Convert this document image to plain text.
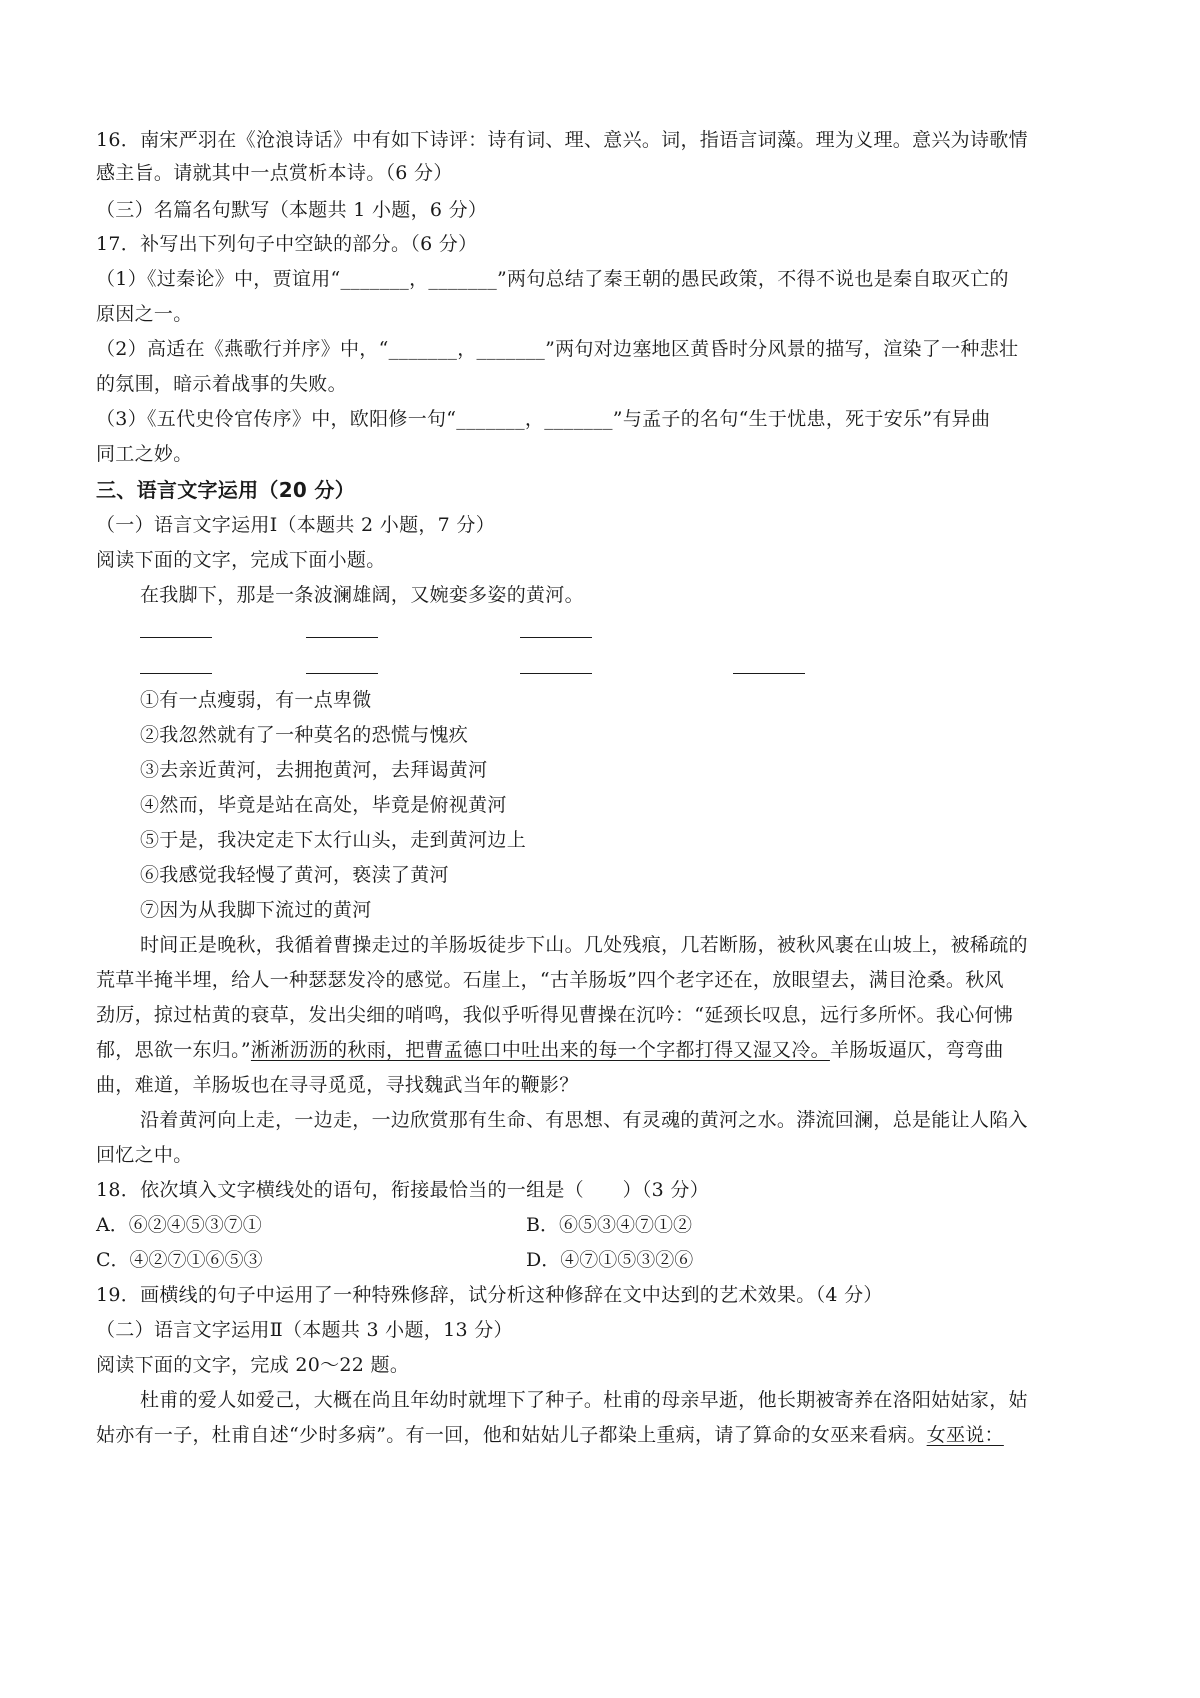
16．南宋严羽在《沧浪诗话》中有如下诗评：诗有词、理、意兴。词，指语言词藻。理为义理。意兴为诗歌情
感主旨。请就其中一点赏析本诗。（6 分）
（三）名篇名句默写（本题共 1 小题，6 分）
17．补写出下列句子中空缺的部分。（6 分）
（1）《过秦论》中，贾谊用“_______，_______”两句总结了秦王朝的愚民政策，不得不说也是秦自取灭亡的
原因之一。
（2）高适在《燕歌行并序》中，“_______，_______”两句对边塞地区黄昏时分风景的描写，渲染了一种悲壮
的氛围，暗示着战事的失败。
（3）《五代史伶官传序》中，欧阳修一句“_______，_______”与孟子的名句“生于忧患，死于安乐”有异曲
同工之妙。
三、语言文字运用（20 分）
（一）语言文字运用Ⅰ（本题共 2 小题，7 分）
阅读下面的文字，完成下面小题。
在我脚下，那是一条波澜雄阔，又婉娈多姿的黄河。
①有一点瘦弱，有一点卑微
②我忽然就有了一种莫名的恐慌与愧疚
③去亲近黄河，去拥抱黄河，去拜谒黄河
④然而，毕竟是站在高处，毕竟是俯视黄河
⑤于是，我决定走下太行山头，走到黄河边上
⑥我感觉我轻慢了黄河，亵渎了黄河
⑦因为从我脚下流过的黄河
时间正是晚秋，我循着曹操走过的羊肠坂徒步下山。几处残痕，几若断肠，被秋风裹在山坡上，被稀疏的
荒草半掩半埋，给人一种瑟瑟发冷的感觉。石崖上，“古羊肠坂”四个老字还在，放眼望去，满目沧桑。秋风
劲厉，掠过枯黄的衰草，发出尖细的哨鸣，我似乎听得见曹操在沉吟：“延颈长叹息，远行多所怀。我心何怫
郁，思欲一东归。”淅淅沥沥的秋雨，把曹孟德口中吐出来的每一个字都打得又湿又冷。羊肠坂逼仄，弯弯曲
曲，难道，羊肠坂也在寻寻觅觅，寻找魏武当年的鞭影？
沿着黄河向上走，一边走，一边欣赏那有生命、有思想、有灵魂的黄河之水。漭流回澜，总是能让人陷入
回忆之中。
18．依次填入文字横线处的语句，衔接最恰当的一组是（　　）（3 分）
A．⑥②④⑤③⑦①	B．⑥⑤③④⑦①②
C．④②⑦①⑥⑤③	D．④⑦①⑤③②⑥
19．画横线的句子中运用了一种特殊修辞，试分析这种修辞在文中达到的艺术效果。（4 分）
（二）语言文字运用Ⅱ（本题共 3 小题，13 分）
阅读下面的文字，完成 20～22 题。
杜甫的爱人如爱己，大概在尚且年幼时就埋下了种子。杜甫的母亲早逝，他长期被寄养在洛阳姑姑家，姑
姑亦有一子，杜甫自述“少时多病”。有一回，他和姑姑儿子都染上重病，请了算命的女巫来看病。女巫说：
